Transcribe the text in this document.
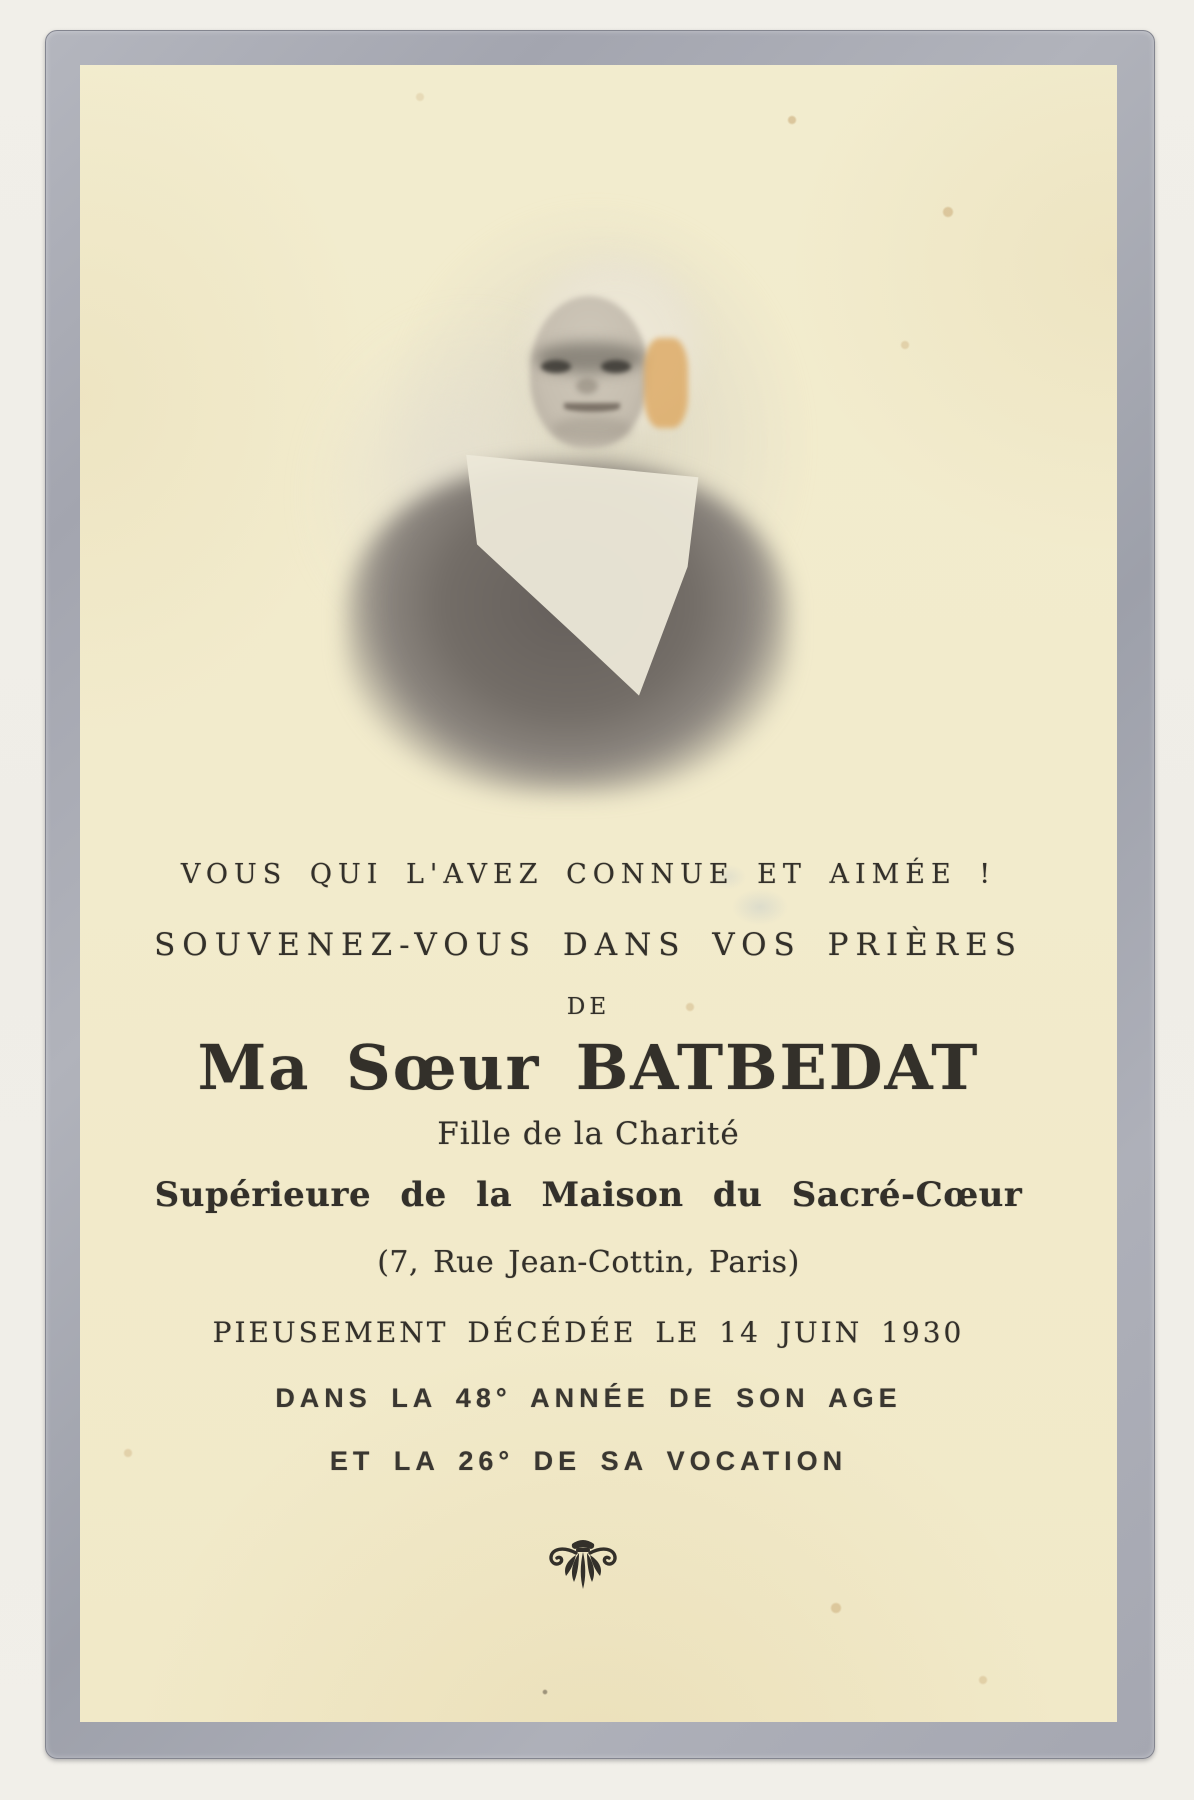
VOUS QUI L'AVEZ CONNUE ET AIMÉE !
SOUVENEZ-VOUS DANS VOS PRIÈRES
DE
Ma Sœur BATBEDAT
Fille de la Charité
Supérieure de la Maison du Sacré-Cœur
(7, Rue Jean-Cottin, Paris)
PIEUSEMENT DÉCÉDÉE LE 14 JUIN 1930
DANS LA 48° ANNÉE DE SON AGE
ET LA 26° DE SA VOCATION
